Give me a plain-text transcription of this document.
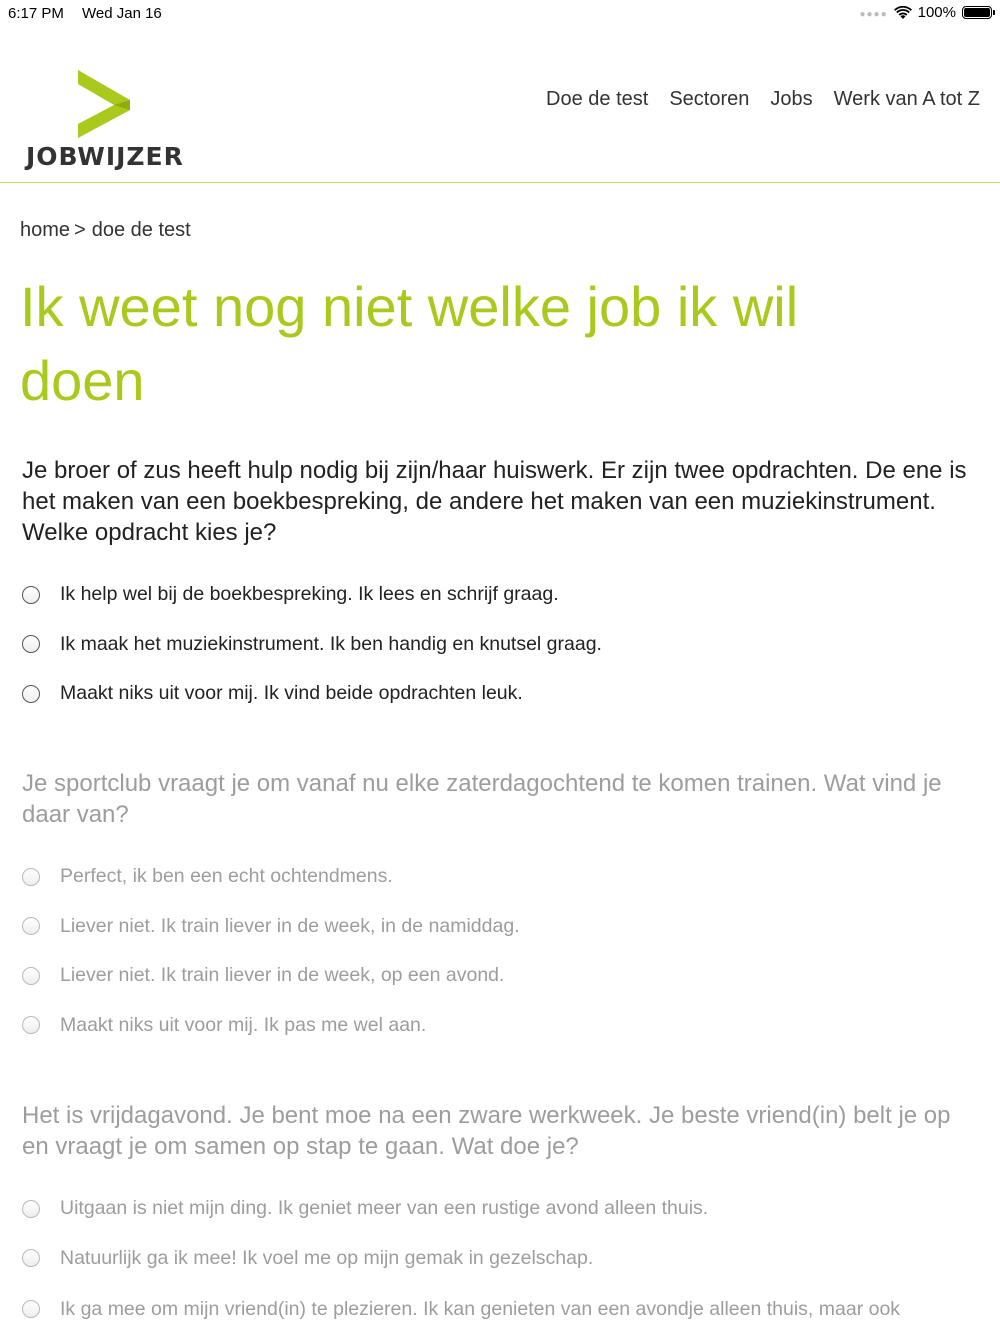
6:17 PM Wed Jan 16	●●●● 100%
JOBWIJZER
Doe de test Sectoren Jobs Werk van A tot Z
home > doe de test
Ik weet nog niet welke job ik wil doen

Je broer of zus heeft hulp nodig bij zijn/haar huiswerk. Er zijn twee opdrachten. De ene is het maken van een boekbespreking, de andere het maken van een muziekinstrument. Welke opdracht kies je?

Ik help wel bij de boekbespreking. Ik lees en schrijf graag.
Ik maak het muziekinstrument. Ik ben handig en knutsel graag.
Maakt niks uit voor mij. Ik vind beide opdrachten leuk.

Je sportclub vraagt je om vanaf nu elke zaterdagochtend te komen trainen. Wat vind je daar van?

Perfect, ik ben een echt ochtendmens.
Liever niet. Ik train liever in de week, in de namiddag.
Liever niet. Ik train liever in de week, op een avond.
Maakt niks uit voor mij. Ik pas me wel aan.

Het is vrijdagavond. Je bent moe na een zware werkweek. Je beste vriend(in) belt je op en vraagt je om samen op stap te gaan. Wat doe je?

Uitgaan is niet mijn ding. Ik geniet meer van een rustige avond alleen thuis.
Natuurlijk ga ik mee! Ik voel me op mijn gemak in gezelschap.
Ik ga mee om mijn vriend(in) te plezieren. Ik kan genieten van een avondje alleen thuis, maar ook
